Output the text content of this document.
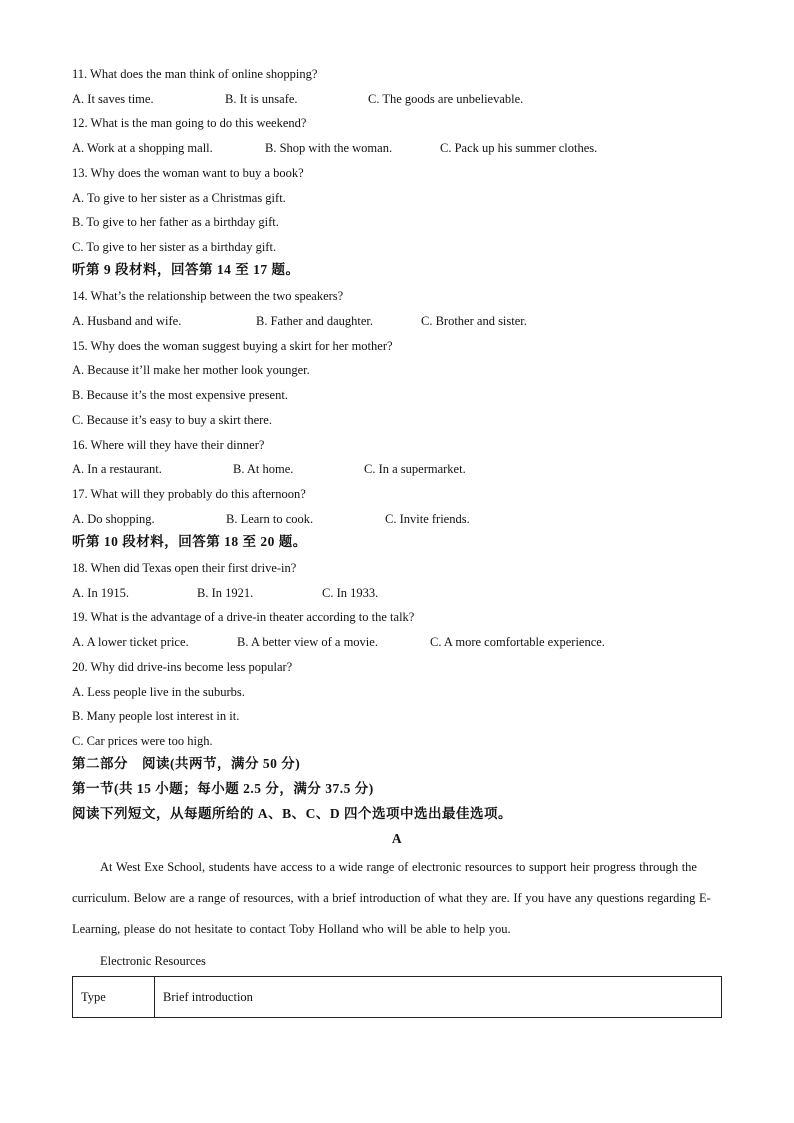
11. What does the man think of online shopping?
A. It saves time.	B. It is unsafe.	C. The goods are unbelievable.
12. What is the man going to do this weekend?
A. Work at a shopping mall.	B. Shop with the woman.	C. Pack up his summer clothes.
13. Why does the woman want to buy a book?
A. To give to her sister as a Christmas gift.
B. To give to her father as a birthday gift.
C. To give to her sister as a birthday gift.
听第 9 段材料，回答第 14 至 17 题。
14. What’s the relationship between the two speakers?
A. Husband and wife.	B. Father and daughter.	C. Brother and sister.
15. Why does the woman suggest buying a skirt for her mother?
A. Because it’ll make her mother look younger.
B. Because it’s the most expensive present.
C. Because it’s easy to buy a skirt there.
16. Where will they have their dinner?
A. In a restaurant.	B. At home.	C. In a supermarket.
17. What will they probably do this afternoon?
A. Do shopping.	B. Learn to cook.	C. Invite friends.
听第 10 段材料，回答第 18 至 20 题。
18. When did Texas open their first drive-in?
A. In 1915.	B. In 1921.	C. In 1933.
19. What is the advantage of a drive-in theater according to the talk?
A. A lower ticket price.	B. A better view of a movie.	C. A more comfortable experience.
20. Why did drive-ins become less popular?
A. Less people live in the suburbs.
B. Many people lost interest in it.
C. Car prices were too high.
第二部分　阅读(共两节，满分 50 分)
第一节(共 15 小题；每小题 2.5 分，满分 37.5 分)
阅读下列短文，从每题所给的 A、B、C、D 四个选项中选出最佳选项。
A
At West Exe School, students have access to a wide range of electronic resources to support heir progress through the curriculum. Below are a range of resources, with a brief introduction of what they are. If you have any questions regarding E-Learning, please do not hesitate to contact Toby Holland who will be able to help you.
Electronic Resources
Type	Brief introduction
